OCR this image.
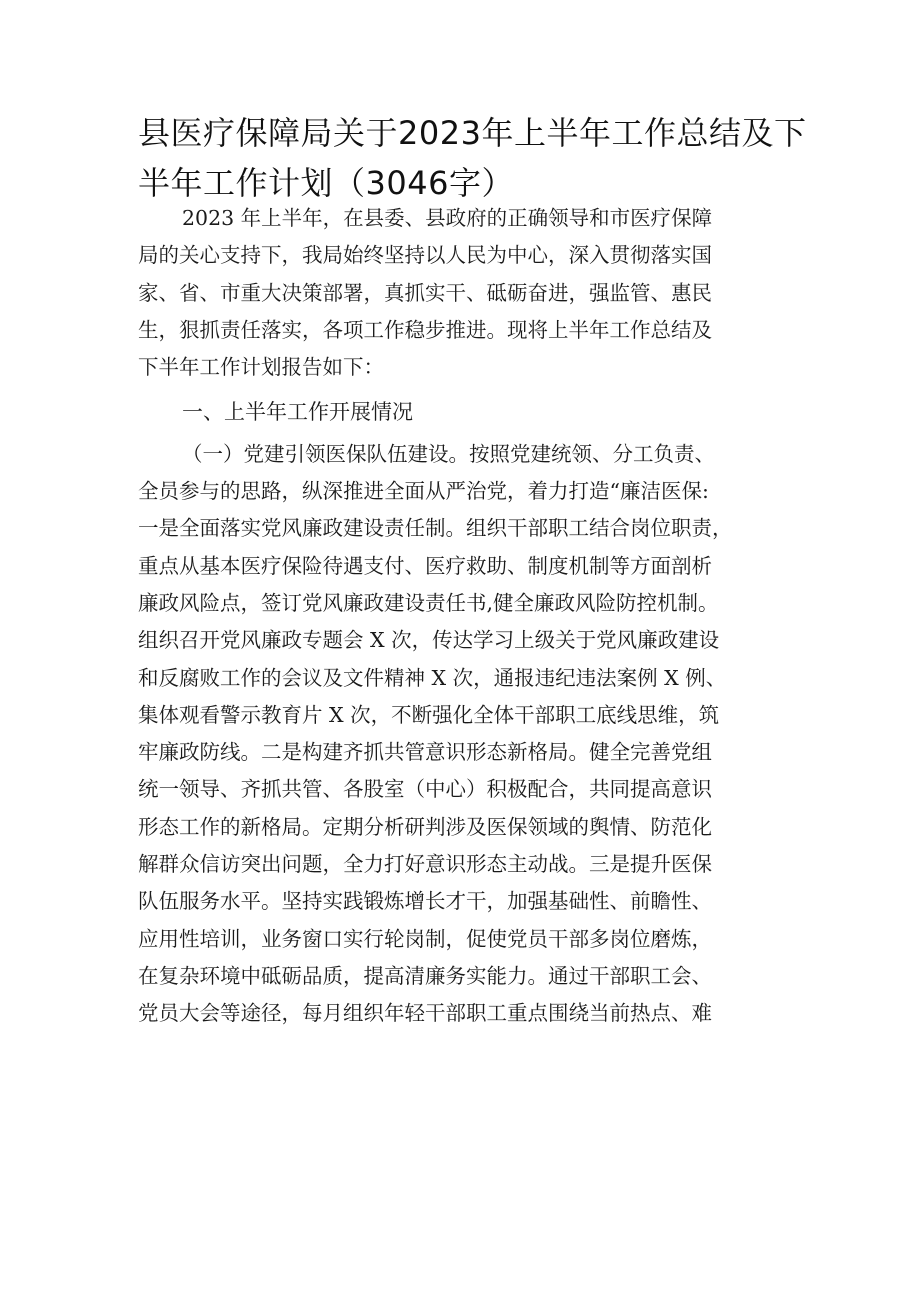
县医疗保障局关于2023年上半年工作总结及下
半年工作计划（3046字）
2023 年上半年，在县委、县政府的正确领导和市医疗保障
局的关心支持下，我局始终坚持以人民为中心，深入贯彻落实国
家、省、市重大决策部署，真抓实干、砥砺奋进，强监管、惠民
生，狠抓责任落实，各项工作稳步推进。现将上半年工作总结及
下半年工作计划报告如下：
一、上半年工作开展情况
（一）党建引领医保队伍建设。按照党建统领、分工负责、
全员参与的思路，纵深推进全面从严治党，着力打造“廉洁医保:
一是全面落实党风廉政建设责任制。组织干部职工结合岗位职责，
重点从基本医疗保险待遇支付、医疗救助、制度机制等方面剖析
廉政风险点，签订党风廉政建设责任书,健全廉政风险防控机制。
组织召开党风廉政专题会 X 次，传达学习上级关于党风廉政建设
和反腐败工作的会议及文件精神 X 次，通报违纪违法案例 X 例、
集体观看警示教育片 X 次，不断强化全体干部职工底线思维，筑
牢廉政防线。二是构建齐抓共管意识形态新格局。健全完善党组
统一领导、齐抓共管、各股室（中心）积极配合，共同提高意识
形态工作的新格局。定期分析研判涉及医保领域的舆情、防范化
解群众信访突出问题，全力打好意识形态主动战。三是提升医保
队伍服务水平。坚持实践锻炼增长才干，加强基础性、前瞻性、
应用性培训，业务窗口实行轮岗制，促使党员干部多岗位磨炼，
在复杂环境中砥砺品质，提高清廉务实能力。通过干部职工会、
党员大会等途径，每月组织年轻干部职工重点围绕当前热点、难
